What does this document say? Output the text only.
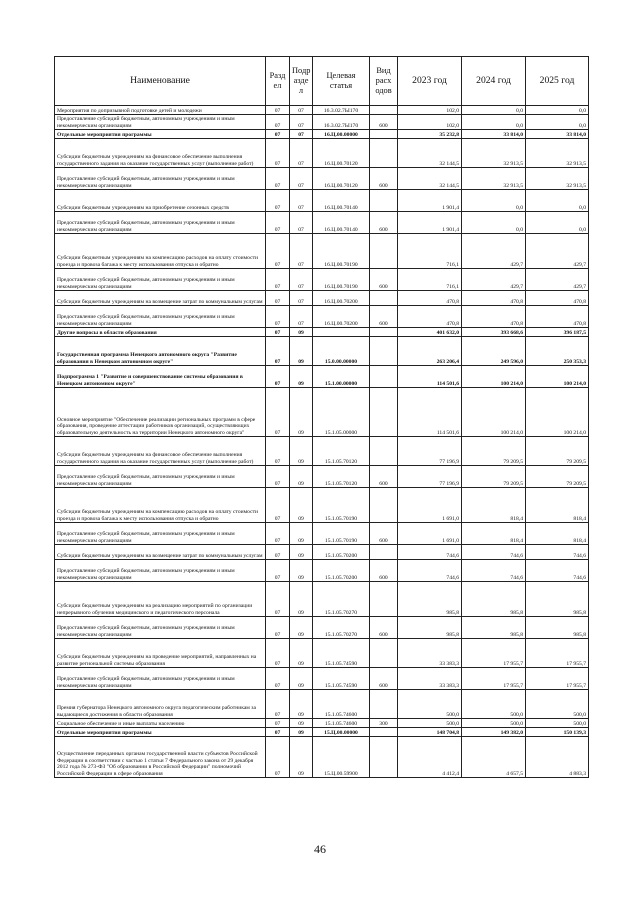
Наименование	Разд ел	Подр азде л	Целевая статья	Вид расх одов	2023 год	2024 год	2025 год
Мероприятия по допризывной подготовке детей и молодежи	07	07	16.3.02.7Ы170		102,0	0,0	0,0
Предоставление субсидий бюджетным, автономным учреждениям и иным некоммерческим организациям	07	07	16.3.02.7Ы170	600	102,0	0,0	0,0
Отдельные мероприятия программы	07	07	16.Ц.00.00000		35 232,8	33 814,0	33 814,0
Субсидии бюджетным учреждениям на финансовое обеспечение выполнения государственного задания на оказание государственных услуг (выполнение работ)	07	07	16.Ц.00.70120		32 144,5	32 913,5	32 913,5
Предоставление субсидий бюджетным, автономным учреждениям и иным некоммерческим организациям	07	07	16.Ц.00.70120	600	32 144,5	32 913,5	32 913,5
Субсидии бюджетным учреждениям на приобретение сезонных средств	07	07	16.Ц.00.70140		1 901,4	0,0	0,0
Предоставление субсидий бюджетным, автономным учреждениям и иным некоммерческим организациям	07	07	16.Ц.00.70140	600	1 901,4	0,0	0,0
Субсидии бюджетным учреждениям на компенсацию расходов на оплату стоимости проезда и провоза багажа к месту использования отпуска и обратно	07	07	16.Ц.00.70190		716,1	429,7	429,7
Предоставление субсидий бюджетным, автономным учреждениям и иным некоммерческим организациям	07	07	16.Ц.00.70190	600	716,1	429,7	429,7
Субсидии бюджетным учреждениям на возмещение затрат по коммунальным услугам	07	07	16.Ц.00.70200		470,8	470,8	470,8
Предоставление субсидий бюджетным, автономным учреждениям и иным некоммерческим организациям	07	07	16.Ц.00.70200	600	470,8	470,8	470,8
Другие вопросы в области образования	07	09			401 632,0	393 668,6	396 187,5
Государственная программа Ненецкого автономного округа "Развитие образования в Ненецком автономном округе"	07	09	15.0.00.00000		263 206,4	249 596,0	250 353,3
Подпрограмма 1 "Развитие и совершенствование системы образования в Ненецком автономном округе"	07	09	15.1.00.00000		114 501,6	100 214,0	100 214,0
Основное мероприятие "Обеспечение реализации региональных программ в сфере образования, проведение аттестации работников организаций, осуществляющих образовательную деятельность на территории Ненецкого автономного округа"	07	09	15.1.05.00000		114 501,6	100 214,0	100 214,0
Субсидии бюджетным учреждениям на финансовое обеспечение выполнения государственного задания на оказание государственных услуг (выполнение работ)	07	09	15.1.05.70120		77 196,9	79 209,5	79 209,5
Предоставление субсидий бюджетным, автономным учреждениям и иным некоммерческим организациям	07	09	15.1.05.70120	600	77 196,9	79 209,5	79 209,5
Субсидии бюджетным учреждениям на компенсацию расходов на оплату стоимости проезда и провоза багажа к месту использования отпуска и обратно	07	09	15.1.05.70190		1 691,0	818,4	818,4
Предоставление субсидий бюджетным, автономным учреждениям и иным некоммерческим организациям	07	09	15.1.05.70190	600	1 691,0	818,4	818,4
Субсидии бюджетным учреждениям на возмещение затрат по коммунальным услугам	07	09	15.1.05.70200		744,6	744,6	744,6
Предоставление субсидий бюджетным, автономным учреждениям и иным некоммерческим организациям	07	09	15.1.05.70200	600	744,6	744,6	744,6
Субсидии бюджетным учреждениям на реализацию мероприятий по организации непрерывного обучения медицинского и педагогического персонала	07	09	15.1.05.70270		985,8	985,8	985,8
Предоставление субсидий бюджетным, автономным учреждениям и иным некоммерческим организациям	07	09	15.1.05.70270	600	985,8	985,8	985,8
Субсидии бюджетным учреждениям на проведение мероприятий, направленных на развитие региональной системы образования	07	09	15.1.05.74590		33 383,3	17 955,7	17 955,7
Предоставление субсидий бюджетным, автономным учреждениям и иным некоммерческим организациям	07	09	15.1.05.74590	600	33 383,3	17 955,7	17 955,7
Премия губернатора Ненецкого автономного округа педагогическим работникам за выдающиеся достижения в области образования	07	09	15.1.05.74600		500,0	500,0	500,0
Социальное обеспечение и иные выплаты населению	07	09	15.1.05.74600	300	500,0	500,0	500,0
Отдельные мероприятия программы	07	09	15.Ц.00.00000		148 704,8	149 382,0	150 139,3
Осуществление переданных органам государственной власти субъектов Российской Федерации в соответствии с частью 1 статьи 7 Федерального закона от 29 декабря 2012 года № 273-ФЗ "Об образовании в Российской Федерации" полномочий Российской Федерации в сфере образования	07	09	15.Ц.00.59900		4 412,4	4 657,5	4 883,3
46
